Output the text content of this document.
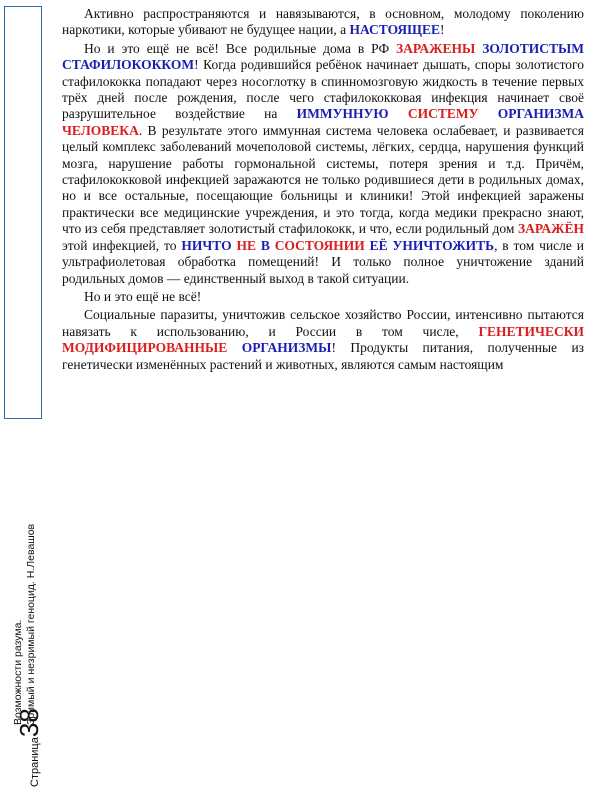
Страница38
Возможности разума. Зримый и незримый геноцид. Н.Левашов

Активно распространяются и навязываются, в основном, молодому поколению наркотики, которые убивают не будущее нации, а НАСТОЯЩЕЕ!

Но и это ещё не всё! Все родильные дома в РФ ЗАРАЖЕНЫ ЗОЛОТИСТЫМ СТАФИЛОКОККОМ! Когда родившийся ребёнок начинает дышать, споры золотистого стафилококка попадают через носоглотку в спинномозговую жидкость в течение первых трёх дней после рождения, после чего стафилококковая инфекция начинает своё разрушительное воздействие на ИММУННУЮ СИСТЕМУ ОРГАНИЗМА ЧЕЛОВЕКА. В результате этого иммунная система человека ослабевает, и развивается целый комплекс заболеваний мочеполовой системы, лёгких, сердца, нарушения функций мозга, нарушение работы гормональной системы, потеря зрения и т.д. Причём, стафилококковой инфекцией заражаются не только родившиеся дети в родильных домах, но и все остальные, посещающие больницы и клиники! Этой инфекцией заражены практически все медицинские учреждения, и это тогда, когда медики прекрасно знают, что из себя представляет золотистый стафилококк, и что, если родильный дом ЗАРАЖЁН этой инфекцией, то НИЧТО НЕ В СОСТОЯНИИ ЕЁ УНИЧТОЖИТЬ, в том числе и ультрафиолетовая обработка помещений! И только полное уничтожение зданий родильных домов — единственный выход в такой ситуации.

Но и это ещё не всё!

Социальные паразиты, уничтожив сельское хозяйство России, интенсивно пытаются навязать к использованию, и России в том числе, ГЕНЕТИЧЕСКИ МОДИФИЦИРОВАННЫЕ ОРГАНИЗМЫ! Продукты питания, полученные из генетически изменённых растений и животных, являются самым настоящим
